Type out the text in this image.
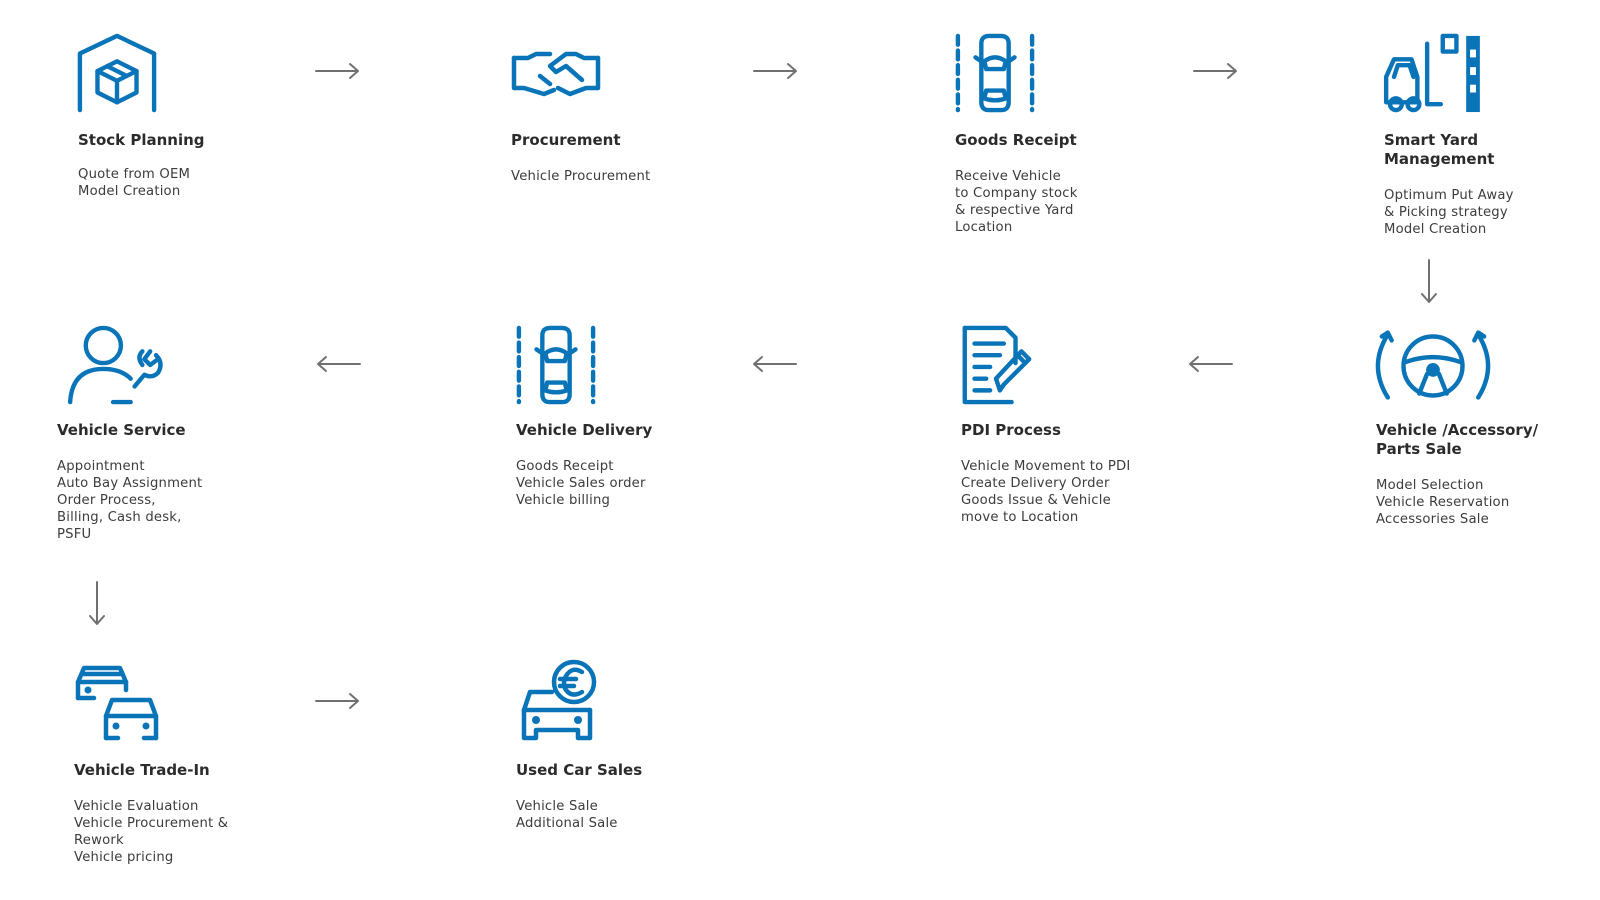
Stock Planning

Quote from OEM
Model Creation

Procurement

Vehicle Procurement

Goods Receipt

Receive Vehicle
to Company stock
& respective Yard
Location

Smart Yard

Management

Optimum Put Away
& Picking strategy
Model Creation

Vehicle Service

Appointment
Auto Bay Assignment
Order Process,
Billing, Cash desk,
PSFU

Vehicle Delivery

Goods Receipt
Vehicle Sales order
Vehicle billing

PDI Process

Vehicle Movement to PDI
Create Delivery Order
Goods Issue & Vehicle
move to Location

Vehicle /Accessory/

Parts Sale

Model Selection
Vehicle Reservation
Accessories Sale

Vehicle Trade-In

Vehicle Evaluation
Vehicle Procurement &
Rework
Vehicle pricing

Used Car Sales

Vehicle Sale
Additional Sale
